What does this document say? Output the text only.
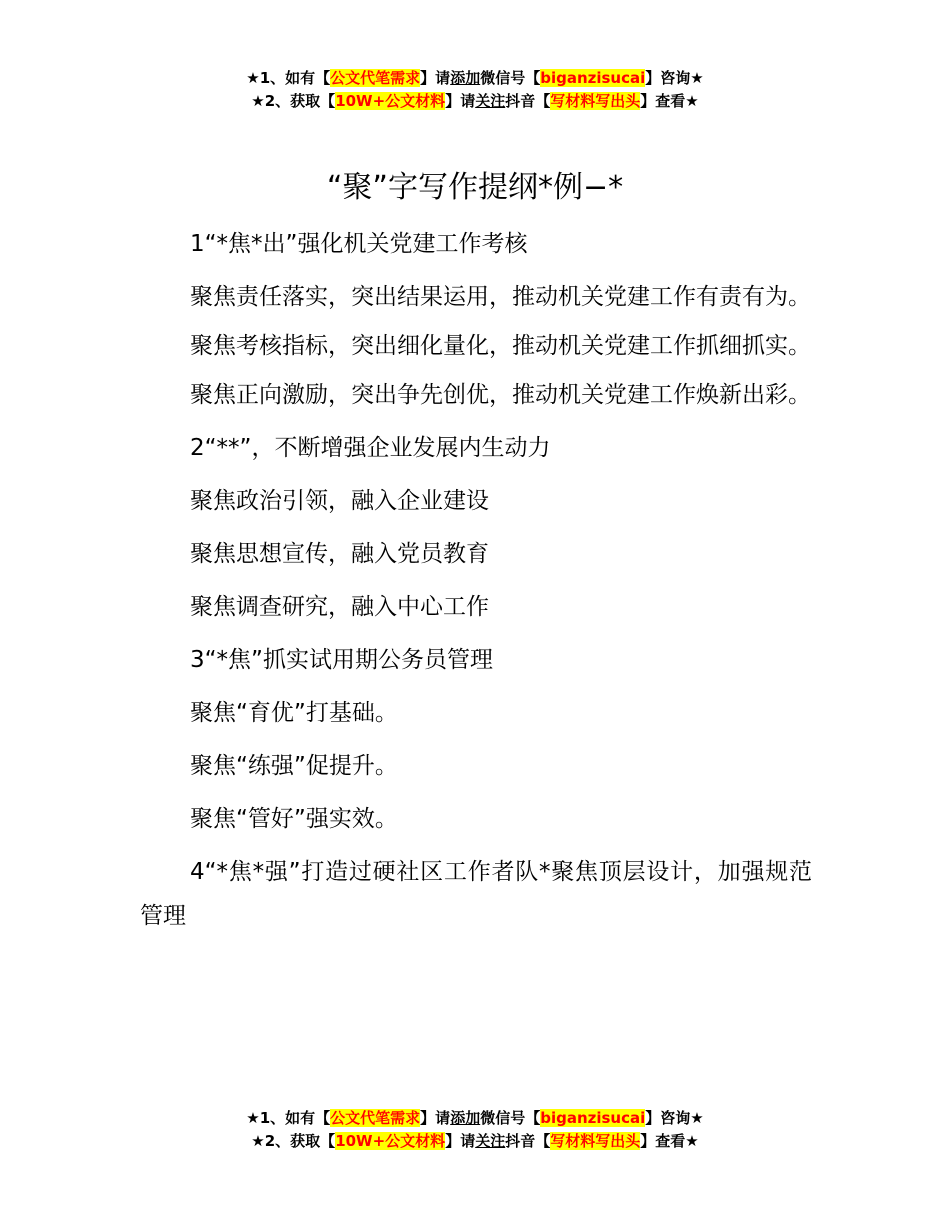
★1、如有【公文代笔需求】请添加微信号【biganzisucai】咨询★
★2、获取【10W+公文材料】请关注抖音【写材料写出头】查看★
“聚”字写作提纲*例−*

1“*焦*出”强化机关党建工作考核

聚焦责任落实，突出结果运用，推动机关党建工作有责有为。

聚焦考核指标，突出细化量化，推动机关党建工作抓细抓实。

聚焦正向激励，突出争先创优，推动机关党建工作焕新出彩。

2“**”，不断增强企业发展内生动力

聚焦政治引领，融入企业建设

聚焦思想宣传，融入党员教育

聚焦调查研究，融入中心工作

3“*焦”抓实试用期公务员管理

聚焦“育优”打基础。

聚焦“练强”促提升。

聚焦“管好”强实效。

4“*焦*强”打造过硬社区工作者队*聚焦顶层设计，加强规范管理

★1、如有【公文代笔需求】请添加微信号【biganzisucai】咨询★
★2、获取【10W+公文材料】请关注抖音【写材料写出头】查看★
